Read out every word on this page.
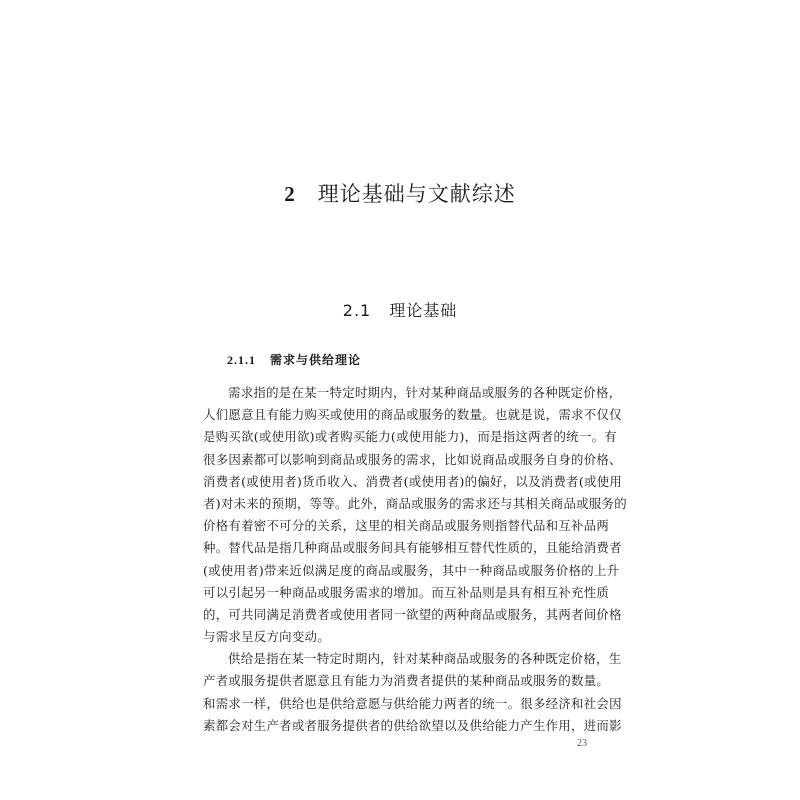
2 理论基础与文献综述
2.1 理论基础
2.1.1 需求与供给理论
需求指的是在某一特定时期内，针对某种商品或服务的各种既定价格，
人们愿意且有能力购买或使用的商品或服务的数量。也就是说，需求不仅仅
是购买欲(或使用欲)或者购买能力(或使用能力)，而是指这两者的统一。有
很多因素都可以影响到商品或服务的需求，比如说商品或服务自身的价格、
消费者(或使用者)货币收入、消费者(或使用者)的偏好，以及消费者(或使用
者)对未来的预期，等等。此外，商品或服务的需求还与其相关商品或服务的
价格有着密不可分的关系，这里的相关商品或服务则指替代品和互补品两
种。替代品是指几种商品或服务间具有能够相互替代性质的，且能给消费者
(或使用者)带来近似满足度的商品或服务，其中一种商品或服务价格的上升
可以引起另一种商品或服务需求的增加。而互补品则是具有相互补充性质
的，可共同满足消费者或使用者同一欲望的两种商品或服务，其两者间价格
与需求呈反方向变动。
供给是指在某一特定时期内，针对某种商品或服务的各种既定价格，生
产者或服务提供者愿意且有能力为消费者提供的某种商品或服务的数量。
和需求一样，供给也是供给意愿与供给能力两者的统一。很多经济和社会因
素都会对生产者或者服务提供者的供给欲望以及供给能力产生作用，进而影
23
